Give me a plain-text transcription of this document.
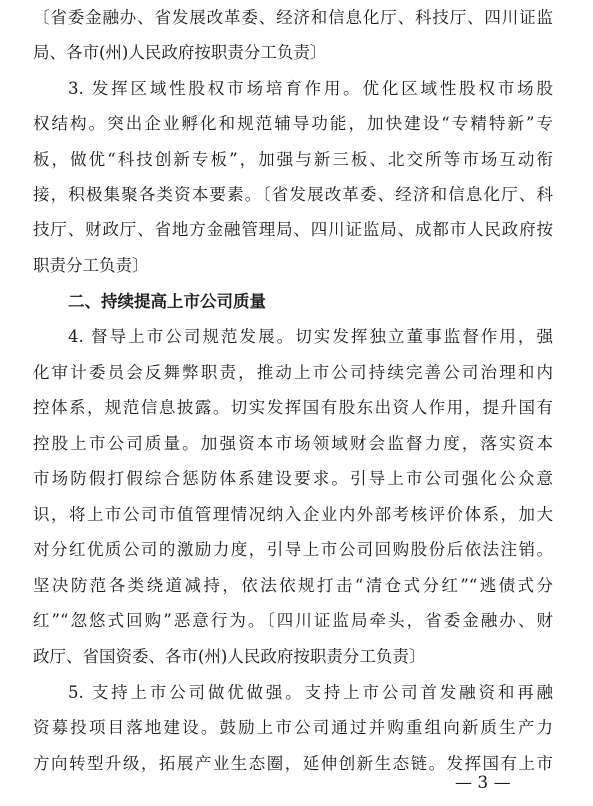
〔省委金融办、省发展改革委、经济和信息化厅、科技厅、四川证监
局、各市(州)人民政府按职责分工负责〕
3. 发挥区域性股权市场培育作用。优化区域性股权市场股
权结构。突出企业孵化和规范辅导功能，加快建设“专精特新”专
板，做优“科技创新专板”，加强与新三板、北交所等市场互动衔
接，积极集聚各类资本要素。〔省发展改革委、经济和信息化厅、科
技厅、财政厅、省地方金融管理局、四川证监局、成都市人民政府按
职责分工负责〕
二、持续提高上市公司质量
4. 督导上市公司规范发展。切实发挥独立董事监督作用，强
化审计委员会反舞弊职责，推动上市公司持续完善公司治理和内
控体系，规范信息披露。切实发挥国有股东出资人作用，提升国有
控股上市公司质量。加强资本市场领域财会监督力度，落实资本
市场防假打假综合惩防体系建设要求。引导上市公司强化公众意
识，将上市公司市值管理情况纳入企业内外部考核评价体系，加大
对分红优质公司的激励力度，引导上市公司回购股份后依法注销。
坚决防范各类绕道减持，依法依规打击“清仓式分红”“逃债式分
红”“忽悠式回购”恶意行为。〔四川证监局牵头，省委金融办、财
政厅、省国资委、各市(州)人民政府按职责分工负责〕
5. 支持上市公司做优做强。支持上市公司首发融资和再融
资募投项目落地建设。鼓励上市公司通过并购重组向新质生产力
方向转型升级，拓展产业生态圈，延伸创新生态链。发挥国有上市
— 3 —
